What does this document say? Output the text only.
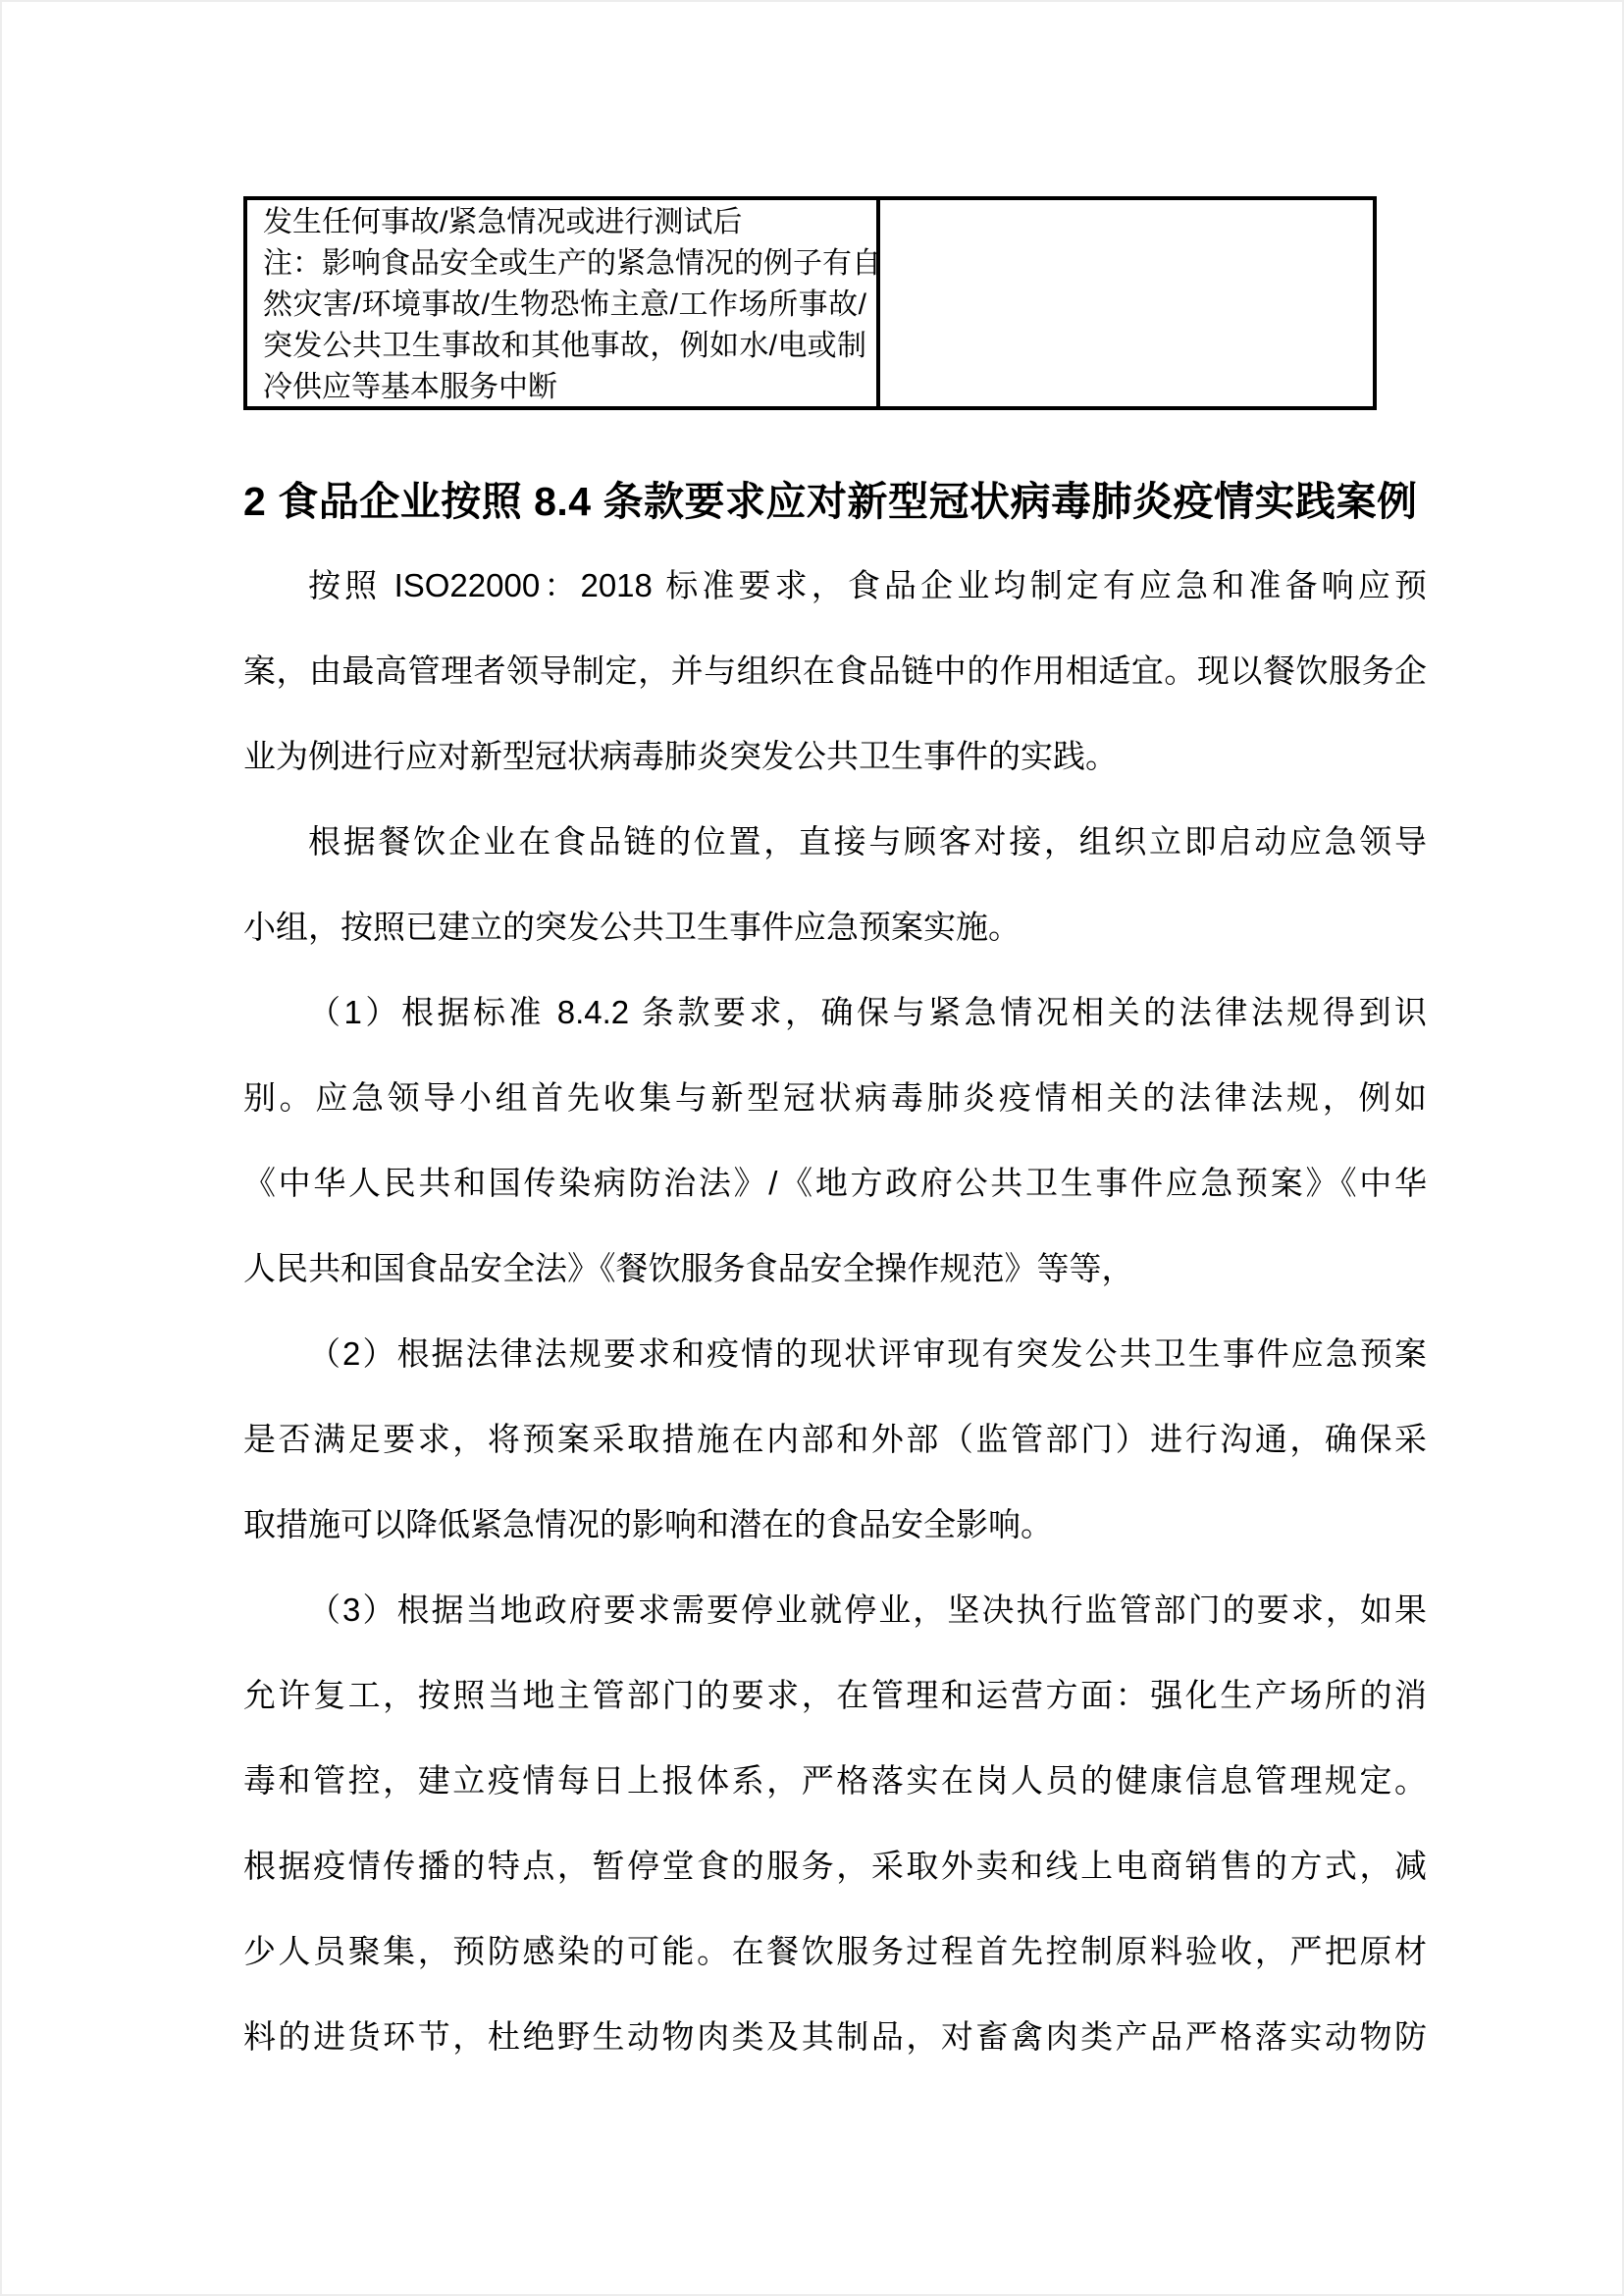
发生任何事故/紧急情况或进行测试后
注：影响食品安全或生产的紧急情况的例子有自
然灾害/环境事故/生物恐怖主意/工作场所事故/
突发公共卫生事故和其他事故，例如水/电或制
冷供应等基本服务中断
2 食品企业按照 8.4 条款要求应对新型冠状病毒肺炎疫情实践案例
按照 ISO22000：2018 标准要求，食品企业均制定有应急和准备响应预
案，由最高管理者领导制定，并与组织在食品链中的作用相适宜。现以餐饮服务企
业为例进行应对新型冠状病毒肺炎突发公共卫生事件的实践。
根据餐饮企业在食品链的位置，直接与顾客对接，组织立即启动应急领导
小组，按照已建立的突发公共卫生事件应急预案实施。
（1）根据标准 8.4.2 条款要求，确保与紧急情况相关的法律法规得到识
别。应急领导小组首先收集与新型冠状病毒肺炎疫情相关的法律法规，例如
《中华人民共和国传染病防治法》/《地方政府公共卫生事件应急预案》《中华
人民共和国食品安全法》《餐饮服务食品安全操作规范》等等，
（2）根据法律法规要求和疫情的现状评审现有突发公共卫生事件应急预案
是否满足要求，将预案采取措施在内部和外部（监管部门）进行沟通，确保采
取措施可以降低紧急情况的影响和潜在的食品安全影响。
（3）根据当地政府要求需要停业就停业，坚决执行监管部门的要求，如果
允许复工，按照当地主管部门的要求，在管理和运营方面：强化生产场所的消
毒和管控，建立疫情每日上报体系，严格落实在岗人员的健康信息管理规定。
根据疫情传播的特点，暂停堂食的服务，采取外卖和线上电商销售的方式，减
少人员聚集，预防感染的可能。在餐饮服务过程首先控制原料验收，严把原材
料的进货环节，杜绝野生动物肉类及其制品，对畜禽肉类产品严格落实动物防
